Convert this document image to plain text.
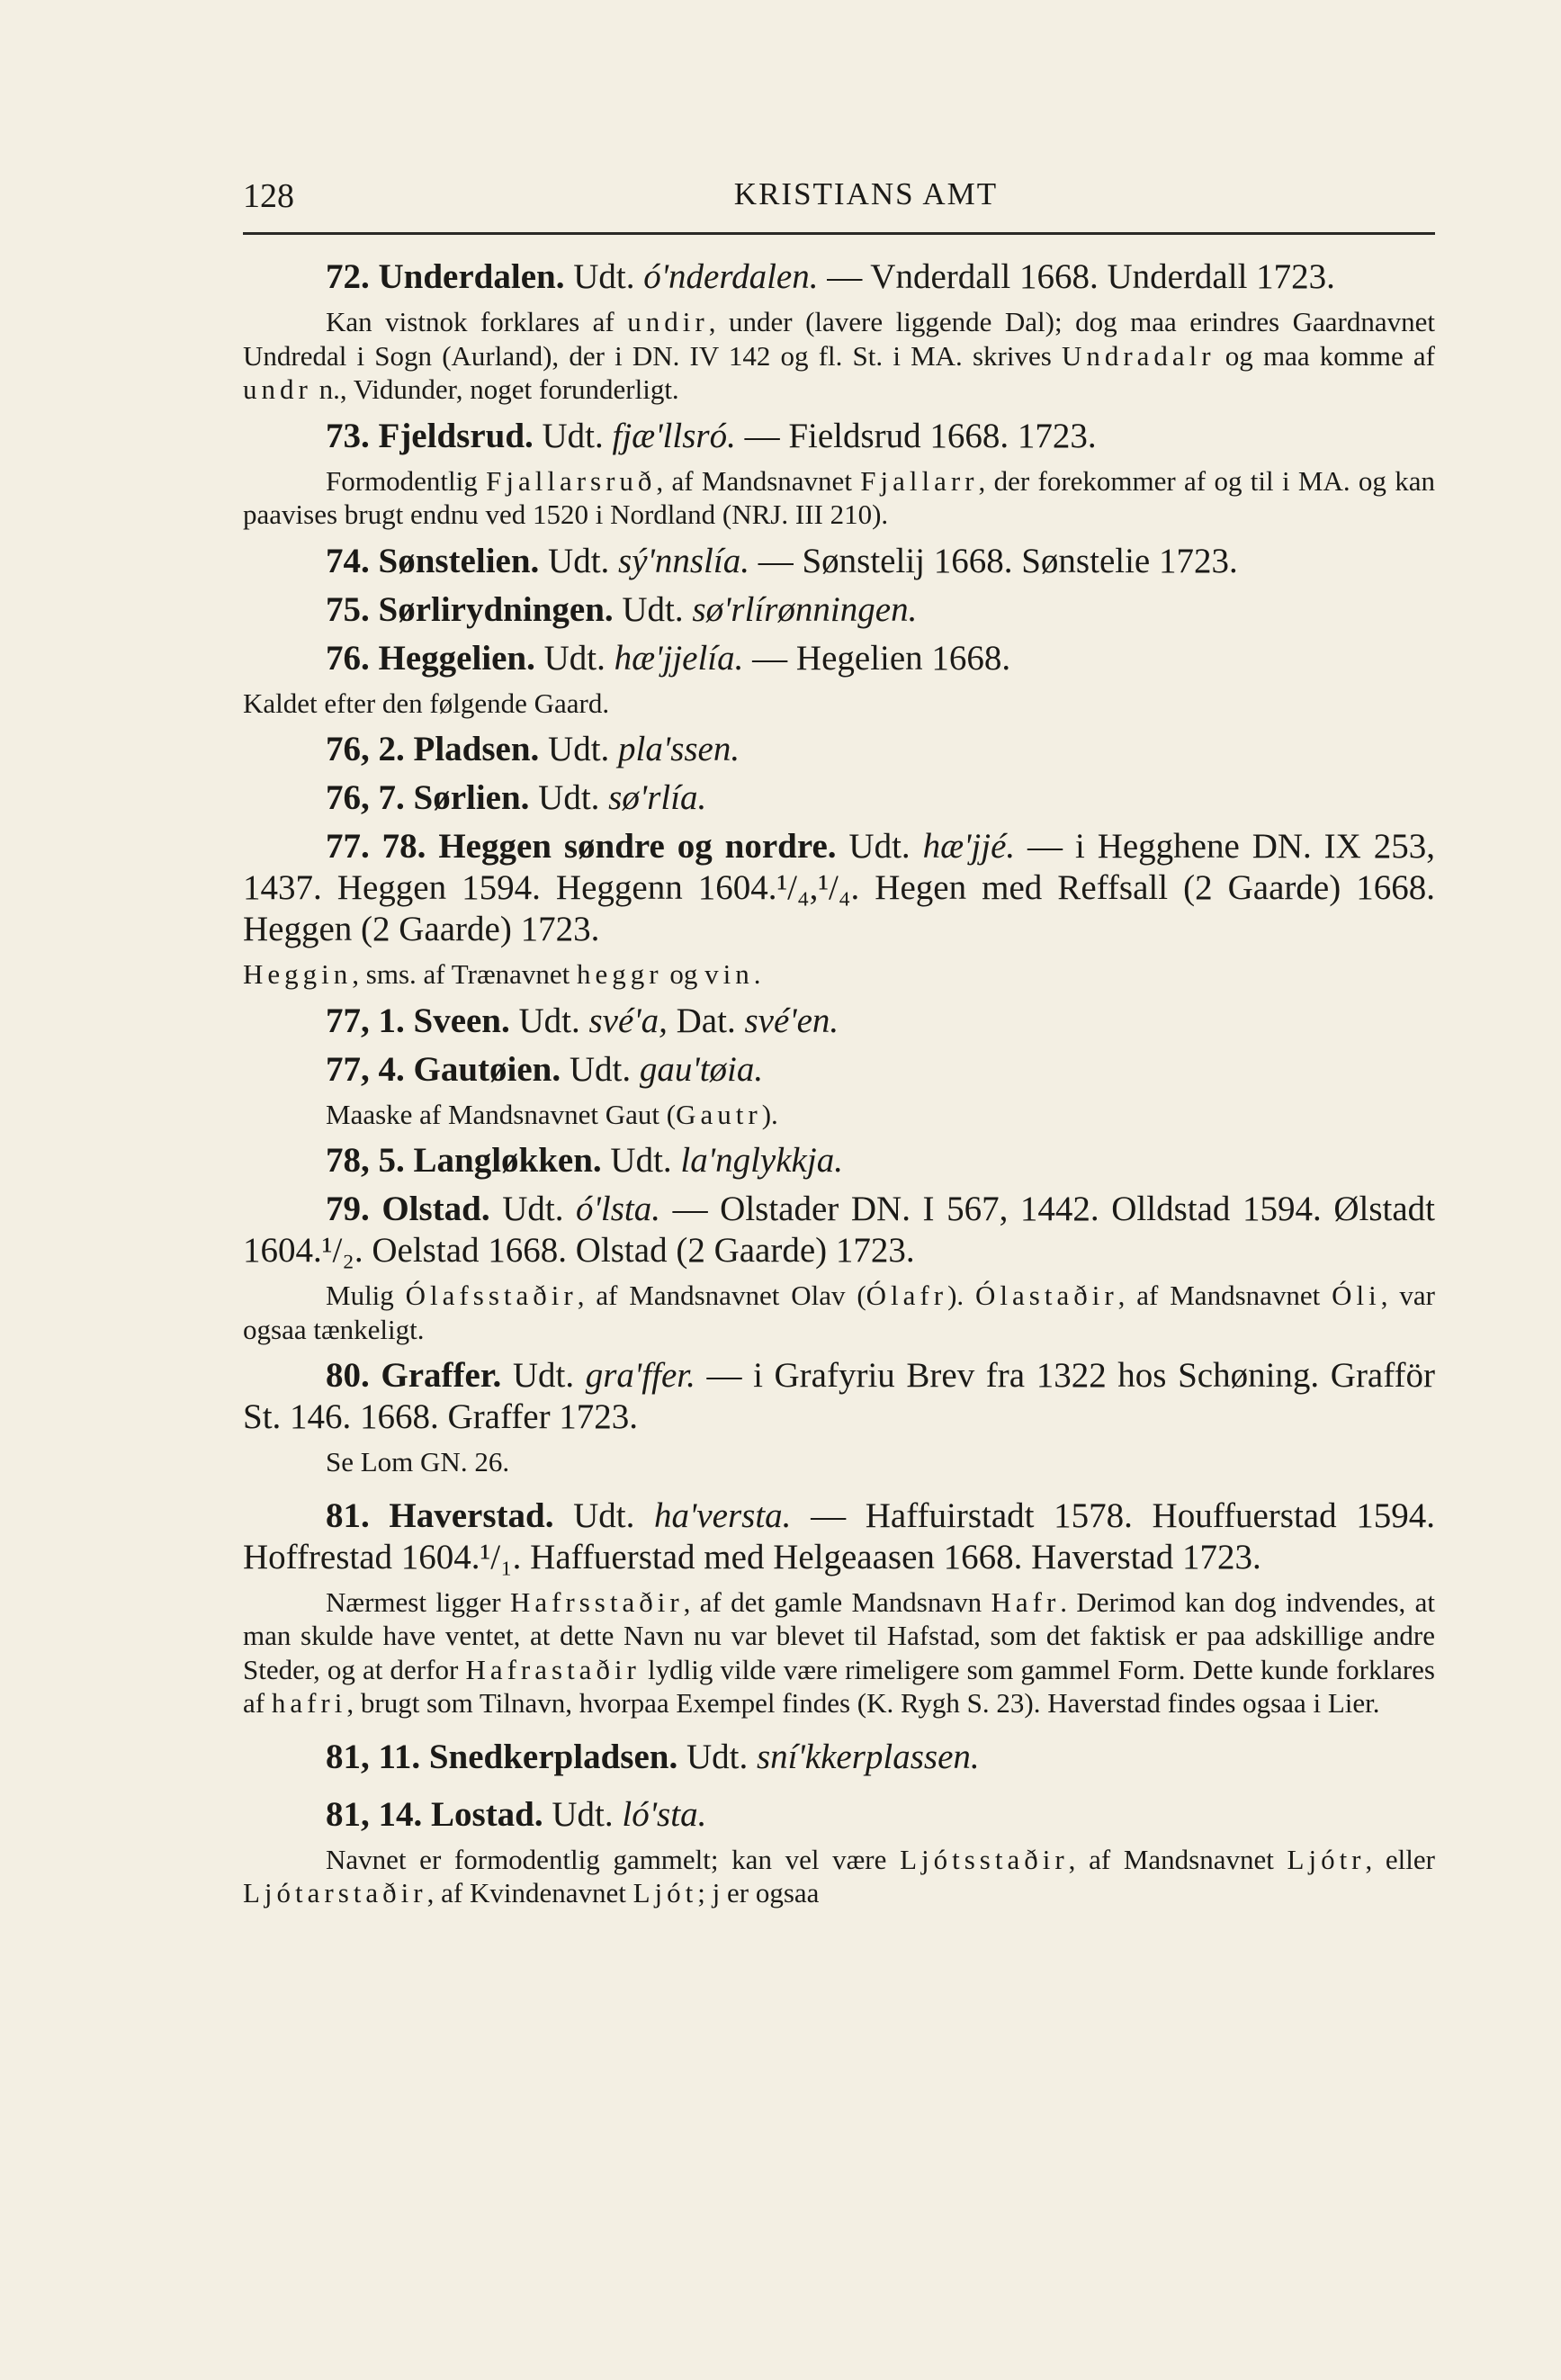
128	KRISTIANS AMT

72. Underdalen. Udt. ó'nderdalen. — Vnderdall 1668. Underdall 1723.

Kan vistnok forklares af undir, under (lavere liggende Dal); dog maa erindres Gaardnavnet Undredal i Sogn (Aurland), der i DN. IV 142 og fl. St. i MA. skrives Undradalr og maa komme af undr n., Vidunder, noget forunderligt.

73. Fjeldsrud. Udt. fjæ'llsró. — Fieldsrud 1668. 1723.

Formodentlig Fjallarsruð, af Mandsnavnet Fjallarr, der forekommer af og til i MA. og kan paavises brugt endnu ved 1520 i Nordland (NRJ. III 210).

74. Sønstelien. Udt. sý'nnslía. — Sønstelij 1668. Sønstelie 1723.

75. Sørlirydningen. Udt. sø'rlírønningen.

76. Heggelien. Udt. hæ'jjelía. — Hegelien 1668.

Kaldet efter den følgende Gaard.

76, 2. Pladsen. Udt. pla'ssen.

76, 7. Sørlien. Udt. sø'rlía.

77. 78. Heggen søndre og nordre. Udt. hæ'jjé. — i Hegghene DN. IX 253, 1437. Heggen 1594. Heggenn 1604.¹/₄,¹/₄. Hegen med Reffsall (2 Gaarde) 1668. Heggen (2 Gaarde) 1723.

Heggin, sms. af Trænavnet heggr og vin.

77, 1. Sveen. Udt. své'a, Dat. své'en.

77, 4. Gautøien. Udt. gau'tøia.

Maaske af Mandsnavnet Gaut (Gautr).

78, 5. Langløkken. Udt. la'nglykkja.

79. Olstad. Udt. ó'lsta. — Olstader DN. I 567, 1442. Olldstad 1594. Ølstadt 1604.¹/₂. Oelstad 1668. Olstad (2 Gaarde) 1723.

Mulig Ólafsstaðir, af Mandsnavnet Olav (Ólafr). Ólastaðir, af Mandsnavnet Óli, var ogsaa tænkeligt.

80. Graffer. Udt. gra'ffer. — i Grafyriu Brev fra 1322 hos Schøning. Grafför St. 146. 1668. Graffer 1723.

Se Lom GN. 26.

81. Haverstad. Udt. ha'versta. — Haffuirstadt 1578. Houffuerstad 1594. Hoffrestad 1604.¹/₁. Haffuerstad med Helgeaasen 1668. Haverstad 1723.

Nærmest ligger Hafrsstaðir, af det gamle Mandsnavn Hafr. Derimod kan dog indvendes, at man skulde have ventet, at dette Navn nu var blevet til Hafstad, som det faktisk er paa adskillige andre Steder, og at derfor Hafrastaðir lydlig vilde være rimeligere som gammel Form. Dette kunde forklares af hafri, brugt som Tilnavn, hvorpaa Exempel findes (K. Rygh S. 23). Haverstad findes ogsaa i Lier.

81, 11. Snedkerpladsen. Udt. sní'kkerplassen.

81, 14. Lostad. Udt. ló'sta.

Navnet er formodentlig gammelt; kan vel være Ljótsstaðir, af Mandsnavnet Ljótr, eller Ljótarstaðir, af Kvindenavnet Ljót; j er ogsaa
